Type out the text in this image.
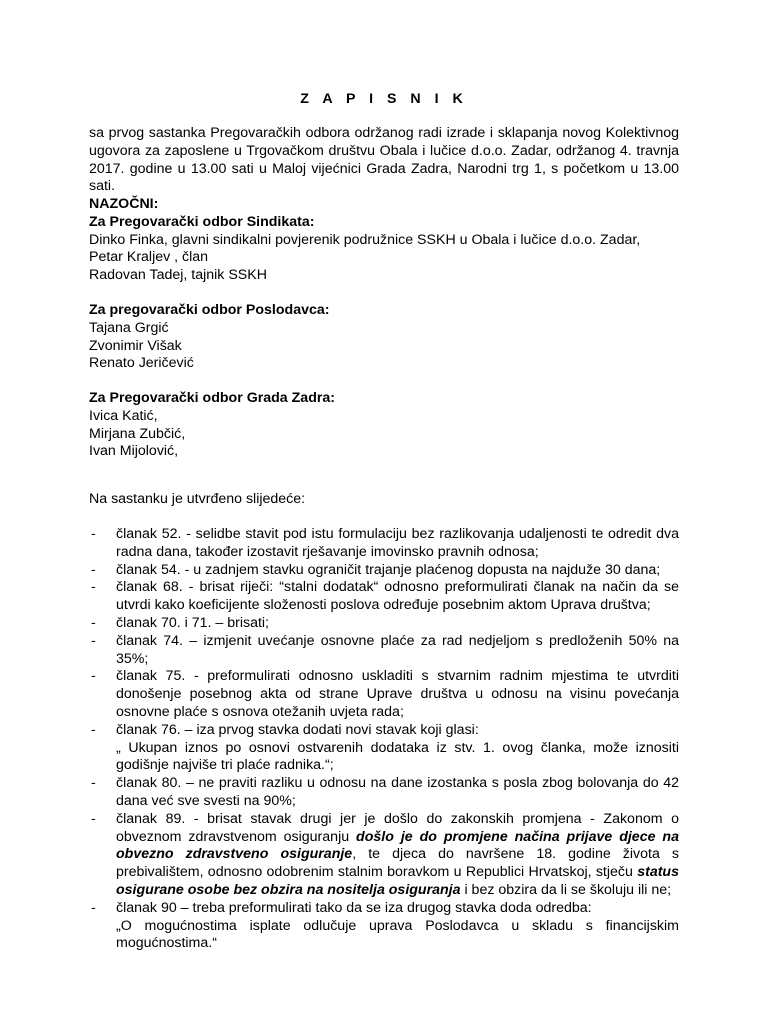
Z A P I S N I K
sa prvog sastanka Pregovaračkih odbora održanog radi izrade i sklapanja novog Kolektivnog ugovora za zaposlene u Trgovačkom društvu Obala i lučice d.o.o. Zadar, održanog 4. travnja 2017. godine u 13.00 sati u Maloj vijećnici Grada Zadra, Narodni trg 1, s početkom u 13.00 sati.
NAZOČNI:
Za Pregovarački odbor Sindikata:
Dinko Finka, glavni sindikalni povjerenik podružnice SSKH u Obala i lučice d.o.o. Zadar,
Petar Kraljev , član
Radovan Tadej, tajnik SSKH
Za pregovarački odbor Poslodavca:
Tajana Grgić
Zvonimir Višak
Renato Jeričević
Za Pregovarački odbor Grada Zadra:
Ivica Katić,
Mirjana Zubčić,
Ivan Mijolović,
Na sastanku je utvrđeno slijedeće:
- članak 52. - selidbe stavit pod istu formulaciju bez razlikovanja udaljenosti te odredit dva radna dana, također izostavit rješavanje imovinsko pravnih odnosa;
- članak 54. - u zadnjem stavku ograničit trajanje plaćenog dopusta na najduže 30 dana;
- članak 68. - brisat riječi: “stalni dodatak“ odnosno preformulirati članak na način da se utvrdi kako koeficijente složenosti poslova određuje posebnim aktom Uprava društva;
- članak 70. i 71. – brisati;
- članak 74. – izmjenit uvećanje osnovne plaće za rad nedjeljom s predloženih 50% na 35%;
- članak 75. - preformulirati odnosno uskladiti s stvarnim radnim mjestima te utvrditi donošenje posebnog akta od strane Uprave društva u odnosu na visinu povećanja osnovne plaće s osnova otežanih uvjeta rada;
- članak 76. – iza prvog stavka dodati novi stavak koji glasi:
„ Ukupan iznos po osnovi ostvarenih dodataka iz stv. 1. ovog članka, može iznositi godišnje najviše tri plaće radnika.“;
- članak 80. – ne praviti razliku u odnosu na dane izostanka s posla zbog bolovanja do 42 dana već sve svesti na 90%;
- članak 89. - brisat stavak drugi jer je došlo do zakonskih promjena - Zakonom o obveznom zdravstvenom osiguranju došlo je do promjene načina prijave djece na obvezno zdravstveno osiguranje, te djeca do navršene 18. godine života s prebivalištem, odnosno odobrenim stalnim boravkom u Republici Hrvatskoj, stječu status osigurane osobe bez obzira na nositelja osiguranja i bez obzira da li se školuju ili ne;
- članak 90 – treba preformulirati tako da se iza drugog stavka doda odredba:
„O mogućnostima isplate odlučuje uprava Poslodavca u skladu s financijskim mogućnostima.“
